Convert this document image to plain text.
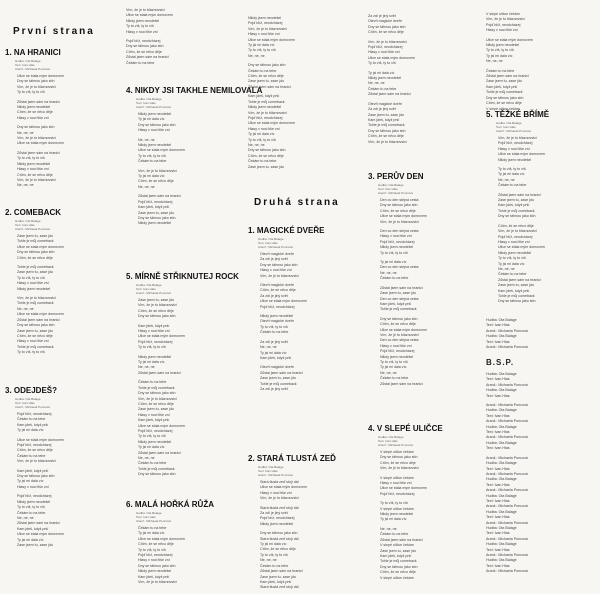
První strana
1. NA HRANICI
Hudba: Ota Balage
Text: Ivan Hlas
Aranž.: Michaela Poncová
Ulice se stala mým domovem
Dny se táhnou jako stín
Vím, že je to bláznovství
Ty to víš, ty to víš
Zůstal jsem sám na hranici
Nikdy jsem neodešel
Cítím, že se něco děje
Hlasy v noci tiše zní
Dny se táhnou jako stín
Ne, ne, ne
Vím, že je to bláznovství
Ulice se stala mým domovem
Zůstal jsem sám na hranici
Ty to víš, ty to víš
Nikdy jsem neodešel
Hlasy v noci tiše zní
Cítím, že se něco děje
Vím, že je to bláznovství
Ne, ne, ne
2. COMEBACK
Hudba: Ota Balage
Text: Ivan Hlas
Aranž.: Michaela Poncová
Zase jsem tu, zase jdu
Tohle je můj comeback
Ulice se stala mým domovem
Dny se táhnou jako stín
Cítím, že se něco děje
Tohle je můj comeback
Zase jsem tu, zase jdu
Ty to víš, ty to víš
Hlasy v noci tiše zní
Nikdy jsem neodešel
Vím, že je to bláznovství
Tohle je můj comeback
Ne, ne, ne
Ulice se stala mým domovem
Zůstal jsem sám na hranici
Dny se táhnou jako stín
Zase jsem tu, zase jdu
Cítím, že se něco děje
Hlasy v noci tiše zní
Tohle je můj comeback
Ty to víš, ty to víš
3. ODEJDEŠ?
Hudba: Ota Balage
Text: Ivan Hlas
Aranž.: Michaela Poncová
Pojď blíž, neodcházej
Čekám tu na tebe
Kam jdeš, když prší
Ty jsi mi dala víc
Ulice se stala mým domovem
Pojď blíž, neodcházej
Cítím, že se něco děje
Čekám tu na tebe
Vím, že je to bláznovství
Kam jdeš, když prší
Dny se táhnou jako stín
Ty jsi mi dala víc
Hlasy v noci tiše zní
Pojď blíž, neodcházej
Nikdy jsem neodešel
Ty to víš, ty to víš
Čekám tu na tebe
Ne, ne, ne
Zůstal jsem sám na hranici
Kam jdeš, když prší
Ulice se stala mým domovem
Ty jsi mi dala víc
Zase jsem tu, zase jdu
Vím, že je to bláznovství
Ulice se stala mým domovem
Nikdy jsem neodešel
Ty to víš, ty to víš
Hlasy v noci tiše zní
Pojď blíž, neodcházej
Dny se táhnou jako stín
Cítím, že se něco děje
Zůstal jsem sám na hranici
Čekám tu na tebe
4. NIKDY JSI TAKHLE NEMILOVALA
Hudba: Ota Balage
Text: Ivan Hlas
Aranž.: Michaela Poncová
Nikdy jsem neodešel
Ty jsi mi dala víc
Dny se táhnou jako stín
Hlasy v noci tiše zní
Ne, ne, ne
Nikdy jsem neodešel
Ulice se stala mým domovem
Ty to víš, ty to víš
Čekám tu na tebe
Vím, že je to bláznovství
Ty jsi mi dala víc
Cítím, že se něco děje
Ne, ne, ne
Zůstal jsem sám na hranici
Pojď blíž, neodcházej
Kam jdeš, když prší
Zase jsem tu, zase jdu
Dny se táhnou jako stín
Nikdy jsem neodešel
5. MÍRNĚ STŘIKNUTEJ ROCK
Hudba: Ota Balage
Text: Ivan Hlas
Aranž.: Michaela Poncová
Zase jsem tu, zase jdu
Vím, že je to bláznovství
Cítím, že se něco děje
Dny se táhnou jako stín
Kam jdeš, když prší
Hlasy v noci tiše zní
Ulice se stala mým domovem
Pojď blíž, neodcházej
Ty to víš, ty to víš
Nikdy jsem neodešel
Ty jsi mi dala víc
Ne, ne, ne
Zůstal jsem sám na hranici
Čekám tu na tebe
Tohle je můj comeback
Dny se táhnou jako stín
Vím, že je to bláznovství
Cítím, že se něco děje
Zase jsem tu, zase jdu
Hlasy v noci tiše zní
Kam jdeš, když prší
Ulice se stala mým domovem
Pojď blíž, neodcházej
Ty to víš, ty to víš
Nikdy jsem neodešel
Ty jsi mi dala víc
Zůstal jsem sám na hranici
Ne, ne, ne
Čekám tu na tebe
Tohle je můj comeback
Dny se táhnou jako stín
6. MALÁ HOŘKÁ RŮŽA
Hudba: Ota Balage
Text: Ivan Hlas
Aranž.: Michaela Poncová
Čekám tu na tebe
Ty jsi mi dala víc
Ulice se stala mým domovem
Cítím, že se něco děje
Ty to víš, ty to víš
Pojď blíž, neodcházej
Hlasy v noci tiše zní
Dny se táhnou jako stín
Nikdy jsem neodešel
Kam jdeš, když prší
Vím, že je to bláznovství
Nikdy jsem neodešel
Pojď blíž, neodcházej
Vím, že je to bláznovství
Hlasy v noci tiše zní
Ulice se stala mým domovem
Ty jsi mi dala víc
Ty to víš, ty to víš
Ne, ne, ne
Dny se táhnou jako stín
Čekám tu na tebe
Cítím, že se něco děje
Zase jsem tu, zase jdu
Zůstal jsem sám na hranici
Kam jdeš, když prší
Tohle je můj comeback
Nikdy jsem neodešel
Vím, že je to bláznovství
Pojď blíž, neodcházej
Ulice se stala mým domovem
Hlasy v noci tiše zní
Ty jsi mi dala víc
Ty to víš, ty to víš
Ne, ne, ne
Dny se táhnou jako stín
Cítím, že se něco děje
Čekám tu na tebe
Zase jsem tu, zase jdu
Druhá strana
1. MAGICKÉ DVEŘE
Hudba: Ota Balage
Text: Ivan Hlas
Aranž.: Michaela Poncová
Otevři magické dveře
Za zdí je jiný svět
Dny se táhnou jako stín
Hlasy v noci tiše zní
Vím, že je to bláznovství
Otevři magické dveře
Cítím, že se něco děje
Za zdí je jiný svět
Ulice se stala mým domovem
Pojď blíž, neodcházej
Nikdy jsem neodešel
Otevři magické dveře
Ty to víš, ty to víš
Čekám tu na tebe
Za zdí je jiný svět
Ne, ne, ne
Ty jsi mi dala víc
Kam jdeš, když prší
Otevři magické dveře
Zůstal jsem sám na hranici
Zase jsem tu, zase jdu
Tohle je můj comeback
Za zdí je jiný svět
2. STARÁ TLUSTÁ ZEĎ
Hudba: Ota Balage
Text: Ivan Hlas
Aranž.: Michaela Poncová
Stará tlustá zeď stojí dál
Ulice se stala mým domovem
Hlasy v noci tiše zní
Vím, že je to bláznovství
Stará tlustá zeď stojí dál
Za zdí je jiný svět
Pojď blíž, neodcházej
Nikdy jsem neodešel
Dny se táhnou jako stín
Stará tlustá zeď stojí dál
Ty jsi mi dala víc
Cítím, že se něco děje
Ty to víš, ty to víš
Ne, ne, ne
Čekám tu na tebe
Zůstal jsem sám na hranici
Zase jsem tu, zase jdu
Kam jdeš, když prší
Stará tlustá zeď stojí dál
Za zdí je jiný svět
Otevři magické dveře
Dny se táhnou jako stín
Cítím, že se něco děje
Vím, že je to bláznovství
Pojď blíž, neodcházej
Hlasy v noci tiše zní
Ulice se stala mým domovem
Ty to víš, ty to víš
Ty jsi mi dala víc
Nikdy jsem neodešel
Ne, ne, ne
Čekám tu na tebe
Zůstal jsem sám na hranici
Otevři magické dveře
Za zdí je jiný svět
Zase jsem tu, zase jdu
Kam jdeš, když prší
Tohle je můj comeback
Dny se táhnou jako stín
Cítím, že se něco děje
Vím, že je to bláznovství
3. PERŮV DEN
Hudba: Ota Balage
Text: Ivan Hlas
Aranž.: Michaela Poncová
Den co den stejná cesta
Dny se táhnou jako stín
Cítím, že se něco děje
Ulice se stala mým domovem
Vím, že je to bláznovství
Den co den stejná cesta
Hlasy v noci tiše zní
Pojď blíž, neodcházej
Nikdy jsem neodešel
Ty to víš, ty to víš
Ty jsi mi dala víc
Den co den stejná cesta
Ne, ne, ne
Čekám tu na tebe
Zůstal jsem sám na hranici
Zase jsem tu, zase jdu
Den co den stejná cesta
Kam jdeš, když prší
Tohle je můj comeback
Dny se táhnou jako stín
Cítím, že se něco děje
Ulice se stala mým domovem
Vím, že je to bláznovství
Den co den stejná cesta
Hlasy v noci tiše zní
Pojď blíž, neodcházej
Nikdy jsem neodešel
Ty to víš, ty to víš
Ty jsi mi dala víc
Ne, ne, ne
Čekám tu na tebe
Zůstal jsem sám na hranici
4. V SLEPÉ ULIČCE
Hudba: Ota Balage
Text: Ivan Hlas
Aranž.: Michaela Poncová
V slepé uličce čekám
Dny se táhnou jako stín
Cítím, že se něco děje
Vím, že je to bláznovství
V slepé uličce čekám
Hlasy v noci tiše zní
Ulice se stala mým domovem
Pojď blíž, neodcházej
Ty to víš, ty to víš
V slepé uličce čekám
Nikdy jsem neodešel
Ty jsi mi dala víc
Ne, ne, ne
Čekám tu na tebe
Zůstal jsem sám na hranici
V slepé uličce čekám
Zase jsem tu, zase jdu
Kam jdeš, když prší
Tohle je můj comeback
Dny se táhnou jako stín
Cítím, že se něco děje
V slepé uličce čekám
V slepé uličce čekám
Vím, že je to bláznovství
Pojď blíž, neodcházej
Hlasy v noci tiše zní
Ulice se stala mým domovem
Nikdy jsem neodešel
Ty to víš, ty to víš
Ty jsi mi dala víc
Ne, ne, ne
Čekám tu na tebe
Zůstal jsem sám na hranici
Zase jsem tu, zase jdu
Kam jdeš, když prší
Tohle je můj comeback
Dny se táhnou jako stín
Cítím, že se něco děje
V slepé uličce čekám
5. TĚŽKÉ BŘÍMĚ
Hudba: Ota Balage
Text: Ivan Hlas
Aranž.: Michaela Poncová
Vím, že je to bláznovství
Pojď blíž, neodcházej
Hlasy v noci tiše zní
Ulice se stala mým domovem
Nikdy jsem neodešel
Ty to víš, ty to víš
Ty jsi mi dala víc
Ne, ne, ne
Čekám tu na tebe
Zůstal jsem sám na hranici
Zase jsem tu, zase jdu
Kam jdeš, když prší
Tohle je můj comeback
Dny se táhnou jako stín
Cítím, že se něco děje
Vím, že je to bláznovství
Pojď blíž, neodcházej
Hlasy v noci tiše zní
Ulice se stala mým domovem
Nikdy jsem neodešel
Ty to víš, ty to víš
Ty jsi mi dala víc
Ne, ne, ne
Čekám tu na tebe
Zůstal jsem sám na hranici
Zase jsem tu, zase jdu
Kam jdeš, když prší
Tohle je můj comeback
Dny se táhnou jako stín
Hudba: Ota Balage
Text: Ivan Hlas
Aranž.: Michaela Poncová
Hudba: Ota Balage
Text: Ivan Hlas
Aranž.: Michaela Poncová
B.S.P.
Hudba: Ota Balage
Text: Ivan Hlas
Aranž.: Michaela Poncová
Hudba: Ota Balage
Text: Ivan Hlas
Aranž.: Michaela Poncová
Hudba: Ota Balage
Text: Ivan Hlas
Aranž.: Michaela Poncová
Hudba: Ota Balage
Text: Ivan Hlas
Aranž.: Michaela Poncová
Hudba: Ota Balage
Text: Ivan Hlas
Aranž.: Michaela Poncová
Hudba: Ota Balage
Text: Ivan Hlas
Aranž.: Michaela Poncová
Hudba: Ota Balage
Text: Ivan Hlas
Aranž.: Michaela Poncová
Hudba: Ota Balage
Text: Ivan Hlas
Aranž.: Michaela Poncová
Hudba: Ota Balage
Text: Ivan Hlas
Aranž.: Michaela Poncová
Hudba: Ota Balage
Text: Ivan Hlas
Aranž.: Michaela Poncová
Hudba: Ota Balage
Text: Ivan Hlas
Aranž.: Michaela Poncová
Hudba: Ota Balage
Text: Ivan Hlas
Aranž.: Michaela Poncová
